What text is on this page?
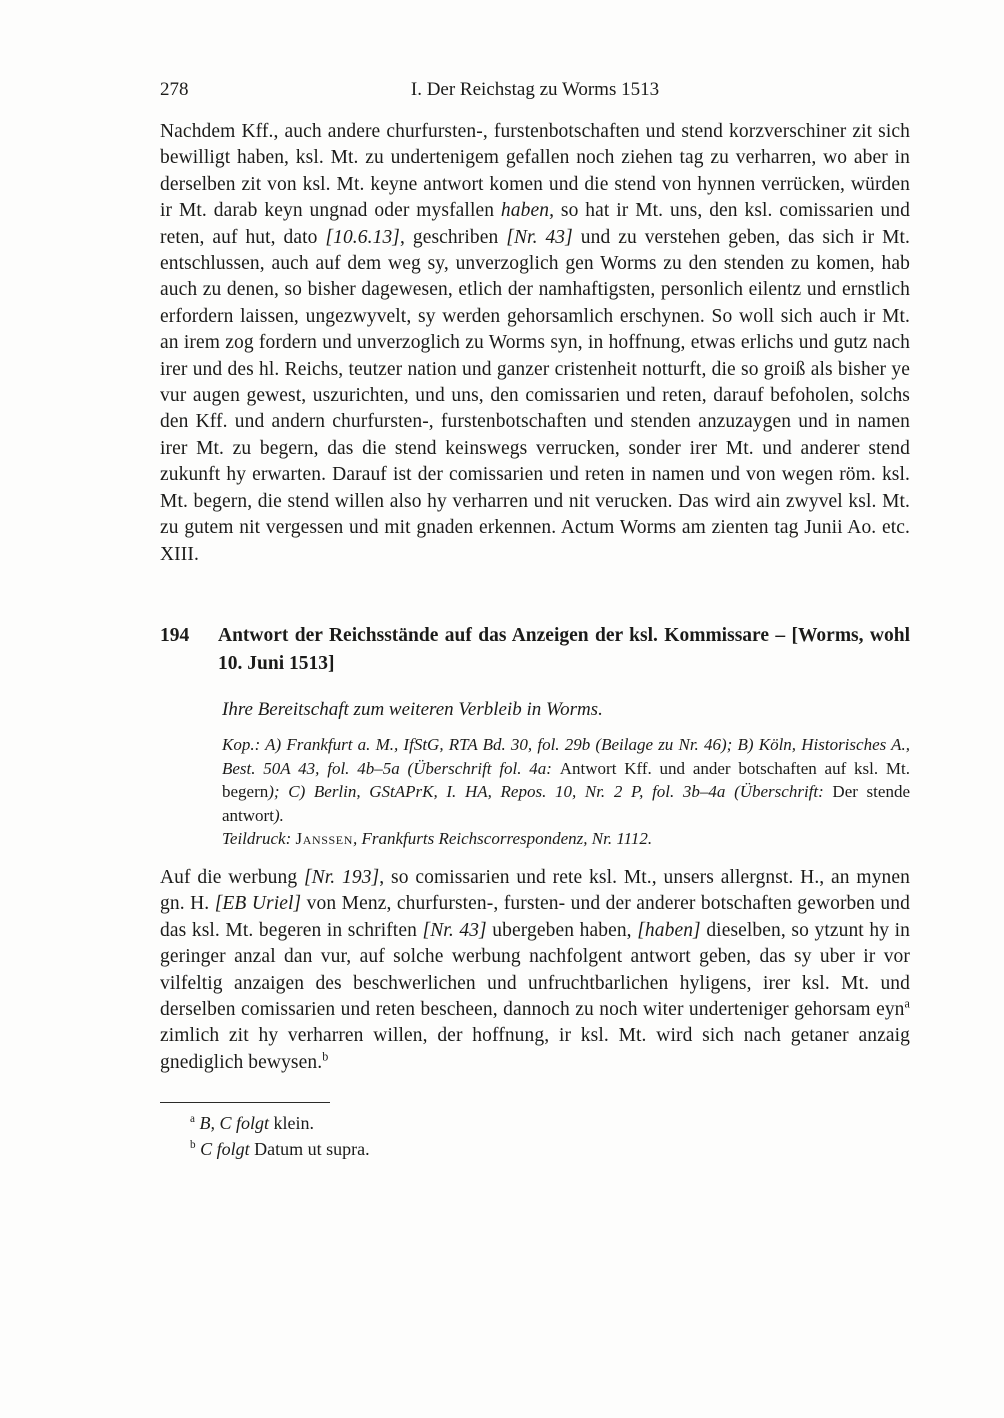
278	I. Der Reichstag zu Worms 1513

Nachdem Kff., auch andere churfursten-, furstenbotschaften und stend korzverschiner zit sich bewilligt haben, ksl. Mt. zu undertenigem gefallen noch ziehen tag zu verharren, wo aber in derselben zit von ksl. Mt. keyne antwort komen und die stend von hynnen verrücken, würden ir Mt. darab keyn ungnad oder mysfallen haben, so hat ir Mt. uns, den ksl. comissarien und reten, auf hut, dato [10.6.13], geschriben [Nr. 43] und zu verstehen geben, das sich ir Mt. entschlussen, auch auf dem weg sy, unverzoglich gen Worms zu den stenden zu komen, hab auch zu denen, so bisher dagewesen, etlich der namhaftigsten, personlich eilentz und ernstlich erfordern laissen, ungezwyvelt, sy werden gehorsamlich erschynen. So woll sich auch ir Mt. an irem zog fordern und unverzoglich zu Worms syn, in hoffnung, etwas erlichs und gutz nach irer und des hl. Reichs, teutzer nation und ganzer cristenheit notturft, die so groiß als bisher ye vur augen gewest, uszurichten, und uns, den comissarien und reten, darauf befoholen, solchs den Kff. und andern churfursten-, furstenbotschaften und stenden anzuzaygen und in namen irer Mt. zu begern, das die stend keinswegs verrucken, sonder irer Mt. und anderer stend zukunft hy erwarten. Darauf ist der comissarien und reten in namen und von wegen röm. ksl. Mt. begern, die stend willen also hy verharren und nit verucken. Das wird ain zwyvel ksl. Mt. zu gutem nit vergessen und mit gnaden erkennen. Actum Worms am zienten tag Junii Ao. etc. XIII.

194	Antwort der Reichsstände auf das Anzeigen der ksl. Kommissare – [Worms, wohl 10. Juni 1513]

Ihre Bereitschaft zum weiteren Verbleib in Worms.

Kop.: A) Frankfurt a. M., IfStG, RTA Bd. 30, fol. 29b (Beilage zu Nr. 46); B) Köln, Historisches A., Best. 50A 43, fol. 4b–5a (Überschrift fol. 4a: Antwort Kff. und ander botschaften auf ksl. Mt. begern); C) Berlin, GStAPrK, I. HA, Repos. 10, Nr. 2 P, fol. 3b–4a (Überschrift: Der stende antwort).

Teildruck: Janssen, Frankfurts Reichscorrespondenz, Nr. 1112.

Auf die werbung [Nr. 193], so comissarien und rete ksl. Mt., unsers allergnst. H., an mynen gn. H. [EB Uriel] von Menz, churfursten-, fursten- und der anderer botschaften geworben und das ksl. Mt. begeren in schriften [Nr. 43] ubergeben haben, [haben] dieselben, so ytzunt hy in geringer anzal dan vur, auf solche werbung nachfolgent antwort geben, das sy uber ir vor vilfeltig anzaigen des beschwerlichen und unfruchtbarlichen hyligens, irer ksl. Mt. und derselben comissarien und reten bescheen, dannoch zu noch witer underteniger gehorsam eyn$^a$ zimlich zit hy verharren willen, der hoffnung, ir ksl. Mt. wird sich nach getaner anzaig gnediglich bewysen.$^b$

$^a$ B, C folgt klein.

$^b$ C folgt Datum ut supra.
